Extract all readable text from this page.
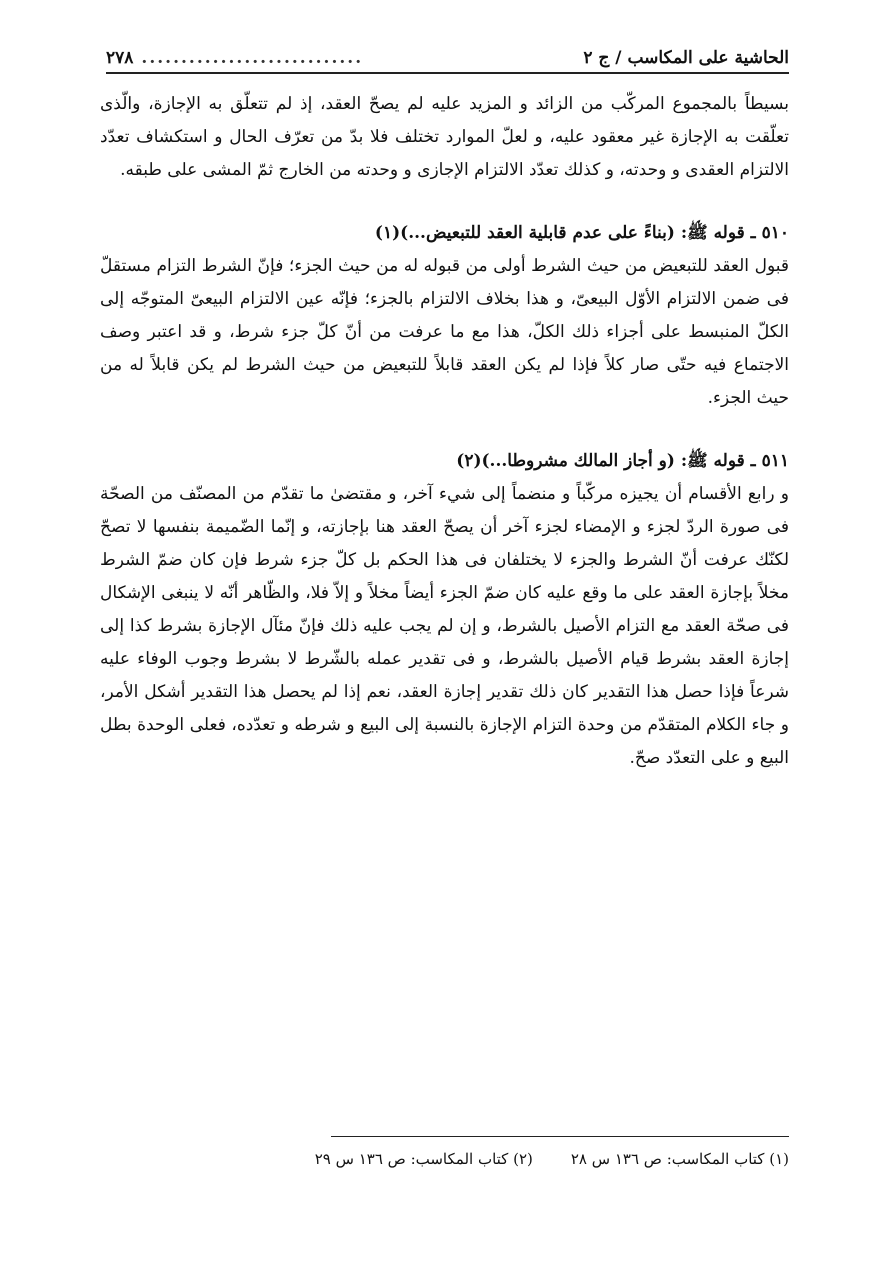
الحاشية على المكاسب / ج ٢
............................
٢٧٨

بسيطاً بالمجموع المركّب من الزائد و المزيد عليه لم يصحّ العقد، إذ لم تتعلّق به الإجازة، والّذى تعلّقت به الإجازة غير معقود عليه، و لعلّ الموارد تختلف فلا بدّ من تعرّف الحال و استكشاف تعدّد الالتزام العقدى و وحدته، و كذلك تعدّد الالتزام الإجازى و وحدته من الخارج ثمّ المشى على طبقه.

٥١٠ ـ قوله ﷺ: (بناءً على عدم قابلية العقد للتبعيض...)(١)

قبول العقد للتبعيض من حيث الشرط أولى من قبوله له من حيث الجزء؛ فإنّ الشرط التزام مستقلّ فى ضمن الالتزام الأوّل البيعىّ، و هذا بخلاف الالتزام بالجزء؛ فإنّه عين الالتزام البيعىّ المتوجّه إلى الكلّ المنبسط على أجزاء ذلك الكلّ، هذا مع ما عرفت من أنّ كلّ جزء شرط، و قد اعتبر وصف الاجتماع فيه حتّى صار كلاً فإذا لم يكن العقد قابلاً للتبعيض من حيث الشرط لم يكن قابلاً له من حيث الجزء.

٥١١ ـ قوله ﷺ: (و أجاز المالك مشروطا...)(٢)

و رابع الأقسام أن يجيزه مركّباً و منضماً إلى شيء آخر، و مقتضىٰ ما تقدّم من المصنّف من الصحّة فى صورة الردّ لجزء و الإمضاء لجزء آخر أن يصحّ العقد هنا بإجازته، و إنّما الضّميمة بنفسها لا تصحّ لكنّك عرفت أنّ الشرط والجزء لا يختلفان فى هذا الحكم بل كلّ جزء شرط فإن كان ضمّ الشرط مخلاً بإجازة العقد على ما وقع عليه كان ضمّ الجزء أيضاً مخلاً و إلاّ فلا، والظّاهر أنّه لا ينبغى الإشكال فى صحّة العقد مع التزام الأصيل بالشرط، و إن لم يجب عليه ذلك فإنّ مئآل الإجازة بشرط كذا إلى إجازة العقد بشرط قيام الأصيل بالشرط، و فى تقدير عمله بالشّرط لا بشرط وجوب الوفاء عليه شرعاً فإذا حصل هذا التقدير كان ذلك تقدير إجازة العقد، نعم إذا لم يحصل هذا التقدير أشكل الأمر، و جاء الكلام المتقدّم من وحدة التزام الإجازة بالنسبة إلى البيع و شرطه و تعدّده، فعلى الوحدة بطل البيع و على التعدّد صحّ.

(١) كتاب المكاسب: ص ١٣٦ س ٢٨
(٢) كتاب المكاسب: ص ١٣٦ س ٢٩
